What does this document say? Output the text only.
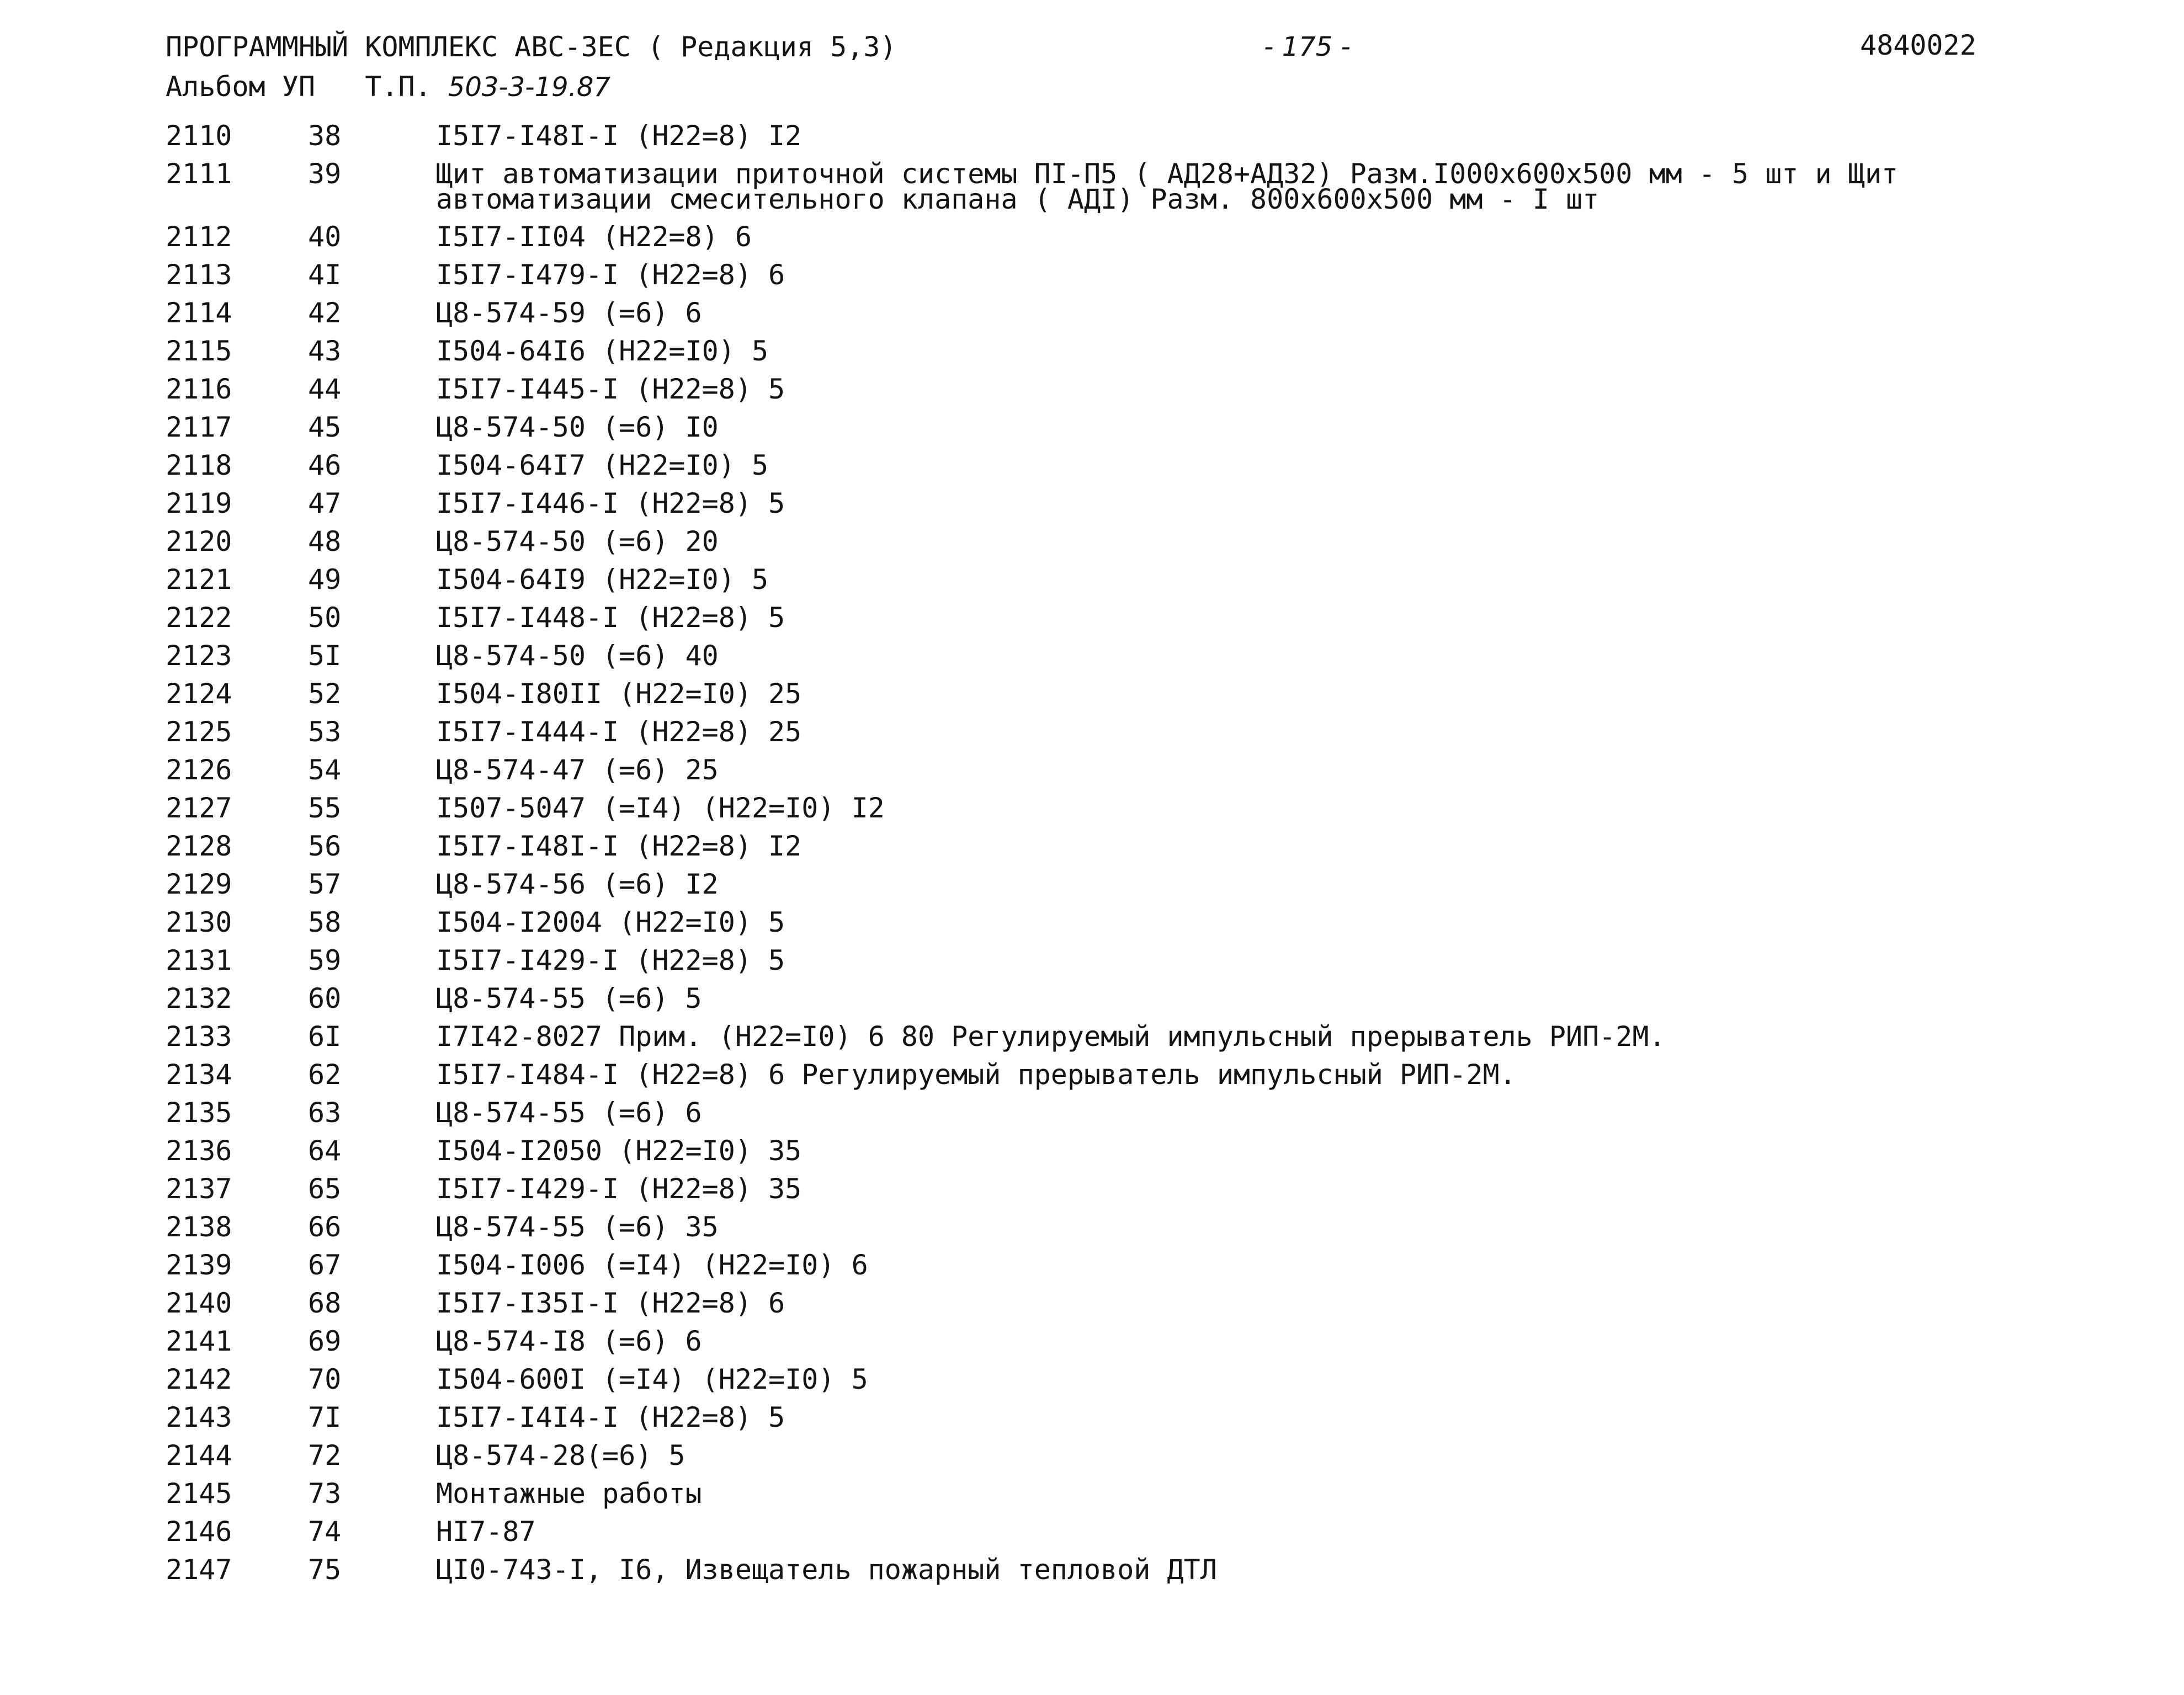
ПРОГРАММНЫЙ КОМПЛЕКС АВС-ЗЕС ( Редакция 5,3)	- 175 -	4840022
Альбом УП Т.П. 503-3-19.87
2110	38	I5I7-I48I-I (H22=8) I2
2111	39	Щит автоматизации приточной системы ПI-П5 ( АД28+АД32) Разм.I000x600x500 мм - 5 шт и Щит автоматизации смесительного клапана ( АДI) Разм. 800x600x500 мм - I шт
2112	40	I5I7-II04 (H22=8) 6
2113	4I	I5I7-I479-I (H22=8) 6
2114	42	Ц8-574-59 (=6) 6
2115	43	I504-64I6 (H22=I0) 5
2116	44	I5I7-I445-I (H22=8) 5
2117	45	Ц8-574-50 (=6) I0
2118	46	I504-64I7 (H22=I0) 5
2119	47	I5I7-I446-I (H22=8) 5
2120	48	Ц8-574-50 (=6) 20
2121	49	I504-64I9 (H22=I0) 5
2122	50	I5I7-I448-I (H22=8) 5
2123	5I	Ц8-574-50 (=6) 40
2124	52	I504-I80II (H22=I0) 25
2125	53	I5I7-I444-I (H22=8) 25
2126	54	Ц8-574-47 (=6) 25
2127	55	I507-5047 (=I4) (H22=I0) I2
2128	56	I5I7-I48I-I (H22=8) I2
2129	57	Ц8-574-56 (=6) I2
2130	58	I504-I2004 (H22=I0) 5
2131	59	I5I7-I429-I (H22=8) 5
2132	60	Ц8-574-55 (=6) 5
2133	6I	I7I42-8027 Прим. (H22=I0) 6 80 Регулируемый импульсный прерыватель РИП-2М.
2134	62	I5I7-I484-I (H22=8) 6 Регулируемый прерыватель импульсный РИП-2М.
2135	63	Ц8-574-55 (=6) 6
2136	64	I504-I2050 (H22=I0) 35
2137	65	I5I7-I429-I (H22=8) 35
2138	66	Ц8-574-55 (=6) 35
2139	67	I504-I006 (=I4) (H22=I0) 6
2140	68	I5I7-I35I-I (H22=8) 6
2141	69	Ц8-574-I8 (=6) 6
2142	70	I504-600I (=I4) (H22=I0) 5
2143	7I	I5I7-I4I4-I (H22=8) 5
2144	72	Ц8-574-28(=6) 5
2145	73	Монтажные работы
2146	74	HI7-87
2147	75	ЦI0-743-I, I6, Извещатель пожарный тепловой ДТЛ
